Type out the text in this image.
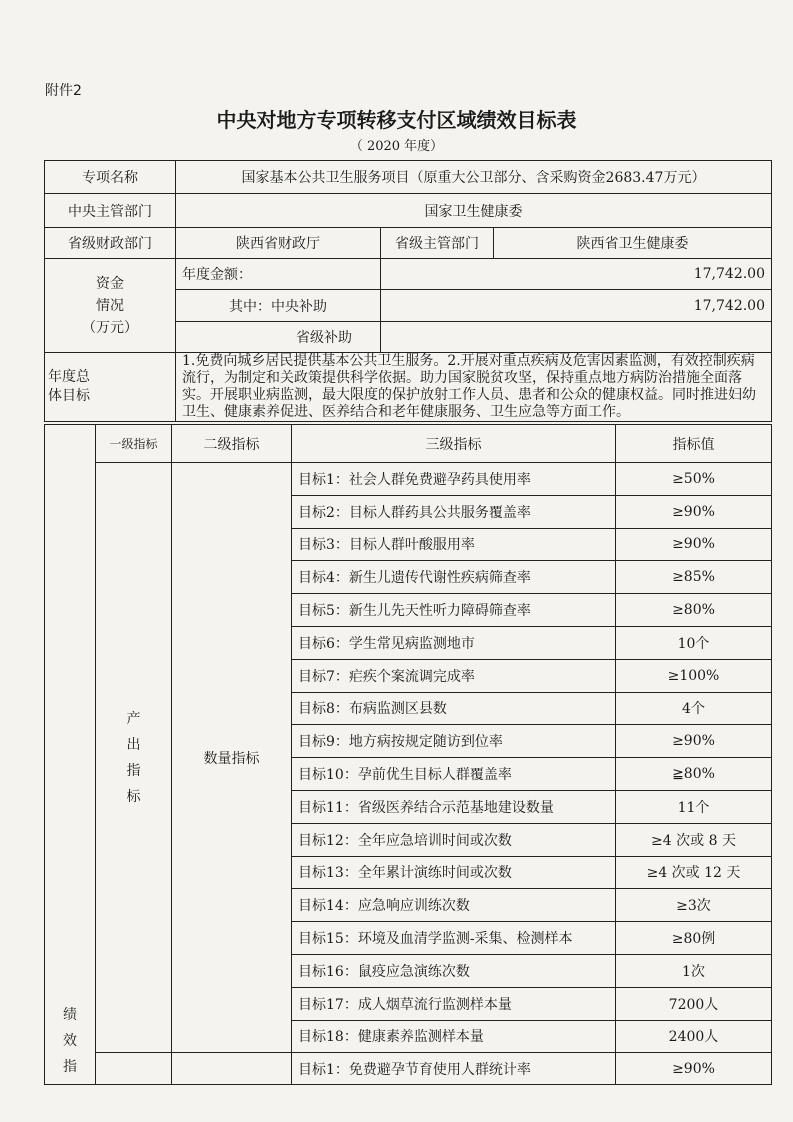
附件2
中央对地方专项转移支付区域绩效目标表
（ 2020 年度）
专项名称	国家基本公共卫生服务项目（原重大公卫部分、含采购资金2683.47万元）		
中央主管部门	国家卫生健康委		
省级财政部门	陕西省财政厅	省级主管部门	陕西省卫生健康委
资金
情况
（万元）	年度金额：	17,742.00	
	其中：中央补助	17,742.00	
	省级补助		

年度总体目标	1.免费向城乡居民提供基本公共卫生服务。2.开展对重点疾病及危害因素监测，有效控制疾病流行，为制定和关政策提供科学依据。助力国家脱贫攻坚，保持重点地方病防治措施全面落实。开展职业病监测，最大限度的保护放射工作人员、患者和公众的健康权益。同时推进妇幼卫生、健康素养促进、医养结合和老年健康服务、卫生应急等方面工作。		
绩效指	一级指标	二级指标	三级指标	指标值

	产出指标	数量指标	目标1：社会人群免费避孕药具使用率	≥50%
			目标2：目标人群药具公共服务覆盖率	≥90%
			目标3：目标人群叶酸服用率	≥90%
			目标4：新生儿遗传代谢性疾病筛查率	≥85%
			目标5：新生儿先天性听力障碍筛查率	≥80%
			目标6：学生常见病监测地市	10个
			目标7：疟疾个案流调完成率	≥100%
			目标8：布病监测区县数	4个
			目标9：地方病按规定随访到位率	≥90%
			目标10：孕前优生目标人群覆盖率	≧80%
			目标11：省级医养结合示范基地建设数量	11个
			目标12：全年应急培训时间或次数	≥4 次或 8 天
			目标13：全年累计演练时间或次数	≥4 次或 12 天
			目标14：应急响应训练次数	≥3次
			目标15：环境及血清学监测-采集、检测样本	≥80例
			目标16：鼠疫应急演练次数	1次
			目标17：成人烟草流行监测样本量	7200人
			目标18：健康素养监测样本量	2400人
			目标1：免费避孕节育使用人群统计率	≥90%
